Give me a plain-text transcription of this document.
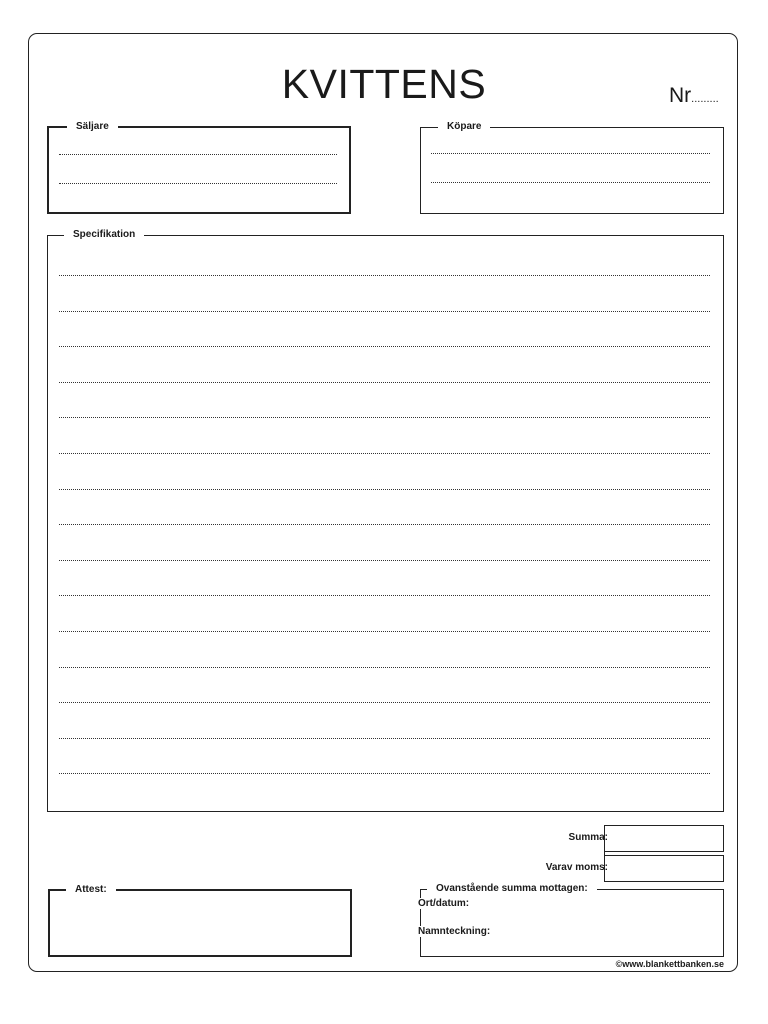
KVITTENS	Nr.........
Säljare	Köpare
Specifikation
Summa:
Varav moms:
Attest:	Ovanstående summa mottagen:
Ort/datum:
Namnteckning:
©www.blankettbanken.se
